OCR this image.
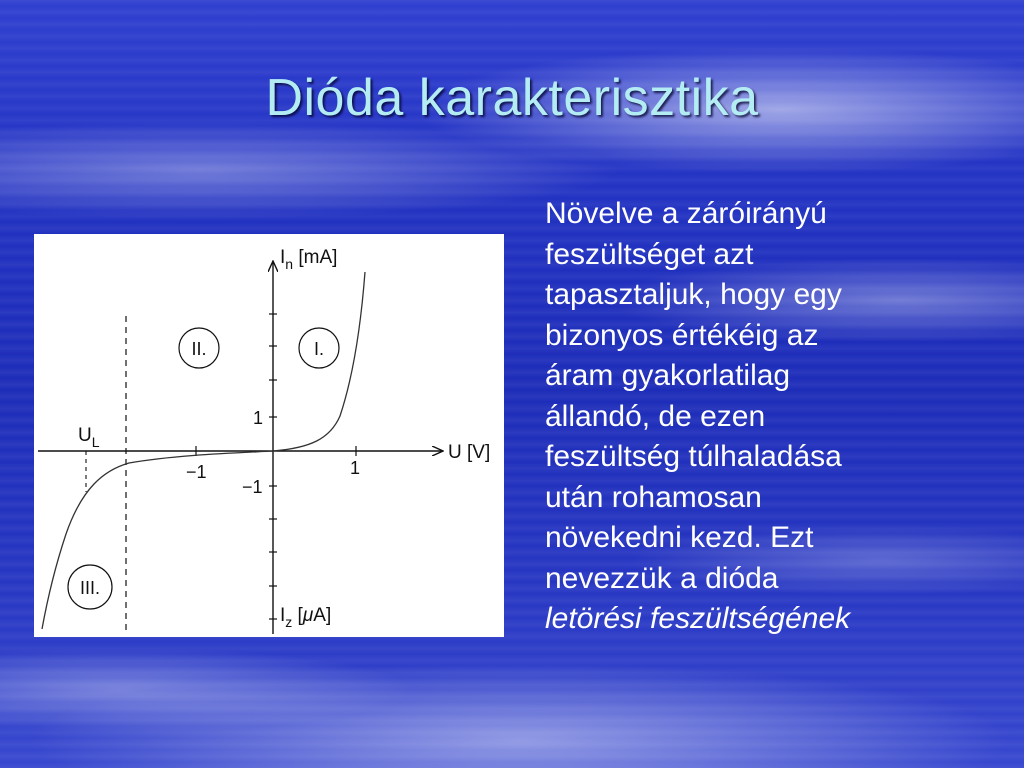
Dióda karakterisztika
II.	I.
III.
$I_n$ [mA]
$I_z$ [μA]
U [V]
$U_L$
−1	1
1
−1
Növelve a záróirányú
feszültséget azt
tapasztaljuk, hogy egy
bizonyos értékéig az
áram gyakorlatilag
állandó, de ezen
feszültség túlhaladása
után rohamosan
növekedni kezd. Ezt
nevezzük a dióda
letörési feszültségének
